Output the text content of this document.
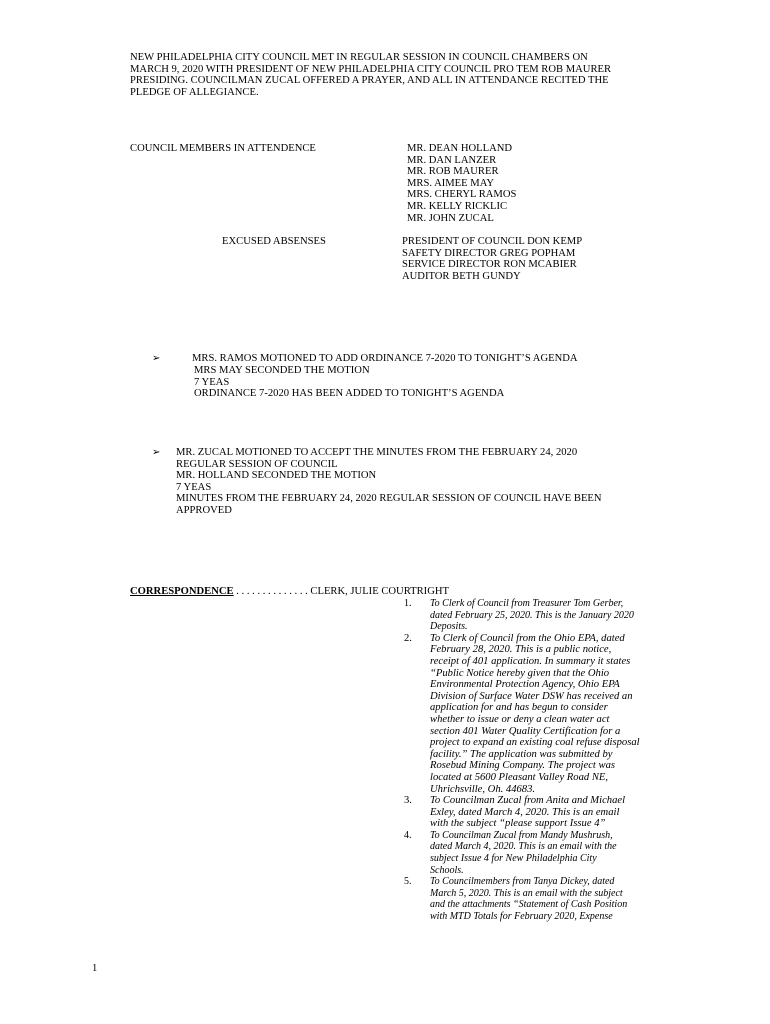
NEW PHILADELPHIA CITY COUNCIL MET IN REGULAR SESSION IN COUNCIL CHAMBERS ON
MARCH 9, 2020 WITH PRESIDENT OF NEW PHILADELPHIA CITY COUNCIL PRO TEM ROB MAURER
PRESIDING. COUNCILMAN ZUCAL OFFERED A PRAYER, AND ALL IN ATTENDANCE RECITED THE
PLEDGE OF ALLEGIANCE.
COUNCIL MEMBERS IN ATTENDENCE	MR. DEAN HOLLAND
MR. DAN LANZER
MR. ROB MAURER
MRS. AIMEE MAY
MRS. CHERYL RAMOS
MR. KELLY RICKLIC
MR. JOHN ZUCAL
EXCUSED ABSENSES	PRESIDENT OF COUNCIL DON KEMP
SAFETY DIRECTOR GREG POPHAM
SERVICE DIRECTOR RON MCABIER
AUDITOR BETH GUNDY
➢	MRS. RAMOS MOTIONED TO ADD ORDINANCE 7-2020 TO TONIGHT’S AGENDA
MRS MAY SECONDED THE MOTION
7 YEAS
ORDINANCE 7-2020 HAS BEEN ADDED TO TONIGHT’S AGENDA
➢ MR. ZUCAL MOTIONED TO ACCEPT THE MINUTES FROM THE FEBRUARY 24, 2020
REGULAR SESSION OF COUNCIL
MR. HOLLAND SECONDED THE MOTION
7 YEAS
MINUTES FROM THE FEBRUARY 24, 2020 REGULAR SESSION OF COUNCIL HAVE BEEN
APPROVED
CORRESPONDENCE . . . . . . . . . . . . . . CLERK, JULIE COURTRIGHT
1. To Clerk of Council from Treasurer Tom Gerber,
dated February 25, 2020. This is the January 2020
Deposits.
2. To Clerk of Council from the Ohio EPA, dated
February 28, 2020. This is a public notice,
receipt of 401 application. In summary it states
“Public Notice hereby given that the Ohio
Environmental Protection Agency, Ohio EPA
Division of Surface Water DSW has received an
application for and has begun to consider
whether to issue or deny a clean water act
section 401 Water Quality Certification for a
project to expand an existing coal refuse disposal
facility.” The application was submitted by
Rosebud Mining Company. The project was
located at 5600 Pleasant Valley Road NE,
Uhrichsville, Oh. 44683.
3. To Councilman Zucal from Anita and Michael
Exley, dated March 4, 2020. This is an email
with the subject “please support Issue 4”
4. To Councilman Zucal from Mandy Mushrush,
dated March 4, 2020. This is an email with the
subject Issue 4 for New Philadelphia City
Schools.
5. To Councilmembers from Tanya Dickey, dated
March 5, 2020. This is an email with the subject
and the attachments “Statement of Cash Position
with MTD Totals for February 2020, Expense
1
